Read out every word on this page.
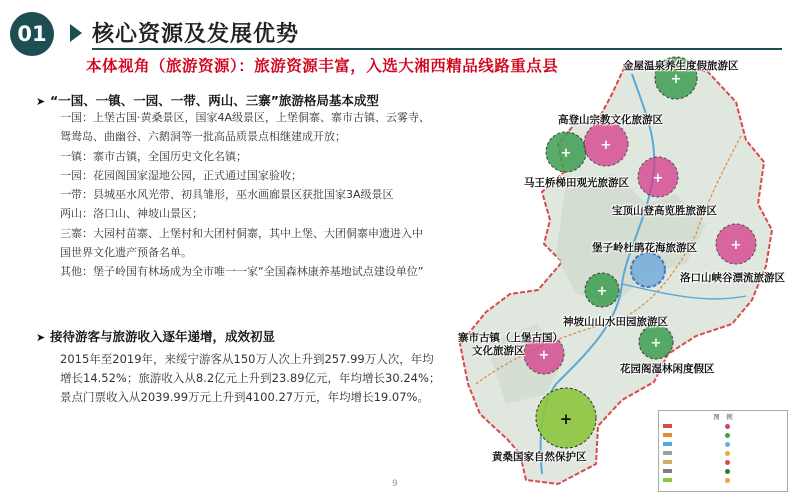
01 核心资源及发展优势
本体视角（旅游资源）：旅游资源丰富，入选大湘西精品线路重点县
➤ “一国、一镇、一园、一带、两山、三寨”旅游格局基本成型
一国：上堡古国·黄桑景区，国家4A级景区，上堡侗寨、寨市古镇、云雾寺、
鸳鸯岛、曲幽谷、六鹅洞等一批高品质景点相继建成开放；
一镇：寨市古镇，全国历史文化名镇；
一园：花园阁国家湿地公园，正式通过国家验收；
一带：县城巫水风光带、初具雏形，巫水画廊景区获批国家3A级景区
两山：洛口山、神坡山景区；
三寨：大园村苗寨、上堡村和大团村侗寨，其中上堡、大团侗寨申遗进入中
国世界文化遗产预备名单。
其他：堡子岭国有林场成为全市唯一一家“全国森林康养基地试点建设单位”
➤ 接待游客与旅游收入逐年递增，成效初显
2015年至2019年，来绥宁游客从150万人次上升到257.99万人次，年均增长14.52%；旅游收入从8.2亿元上升到23.89亿元，年均增长30.24%；景点门票收入从2039.99万元上升到4100.27万元，年均增长19.07%。
9
+
+
+
+
+
+
+
+
+
金屋温泉养生度假旅游区
高登山宗教文化旅游区
马王桥梯田观光旅游区
宝顶山登高览胜旅游区
堡子岭杜鹃花海旅游区
洛口山峡谷漂流旅游区
神坡山山水田园旅游区
寨市古镇（上堡古国）
文化旅游区
花园阁湿林闲度假区
黄桑国家自然保护区
图　例
